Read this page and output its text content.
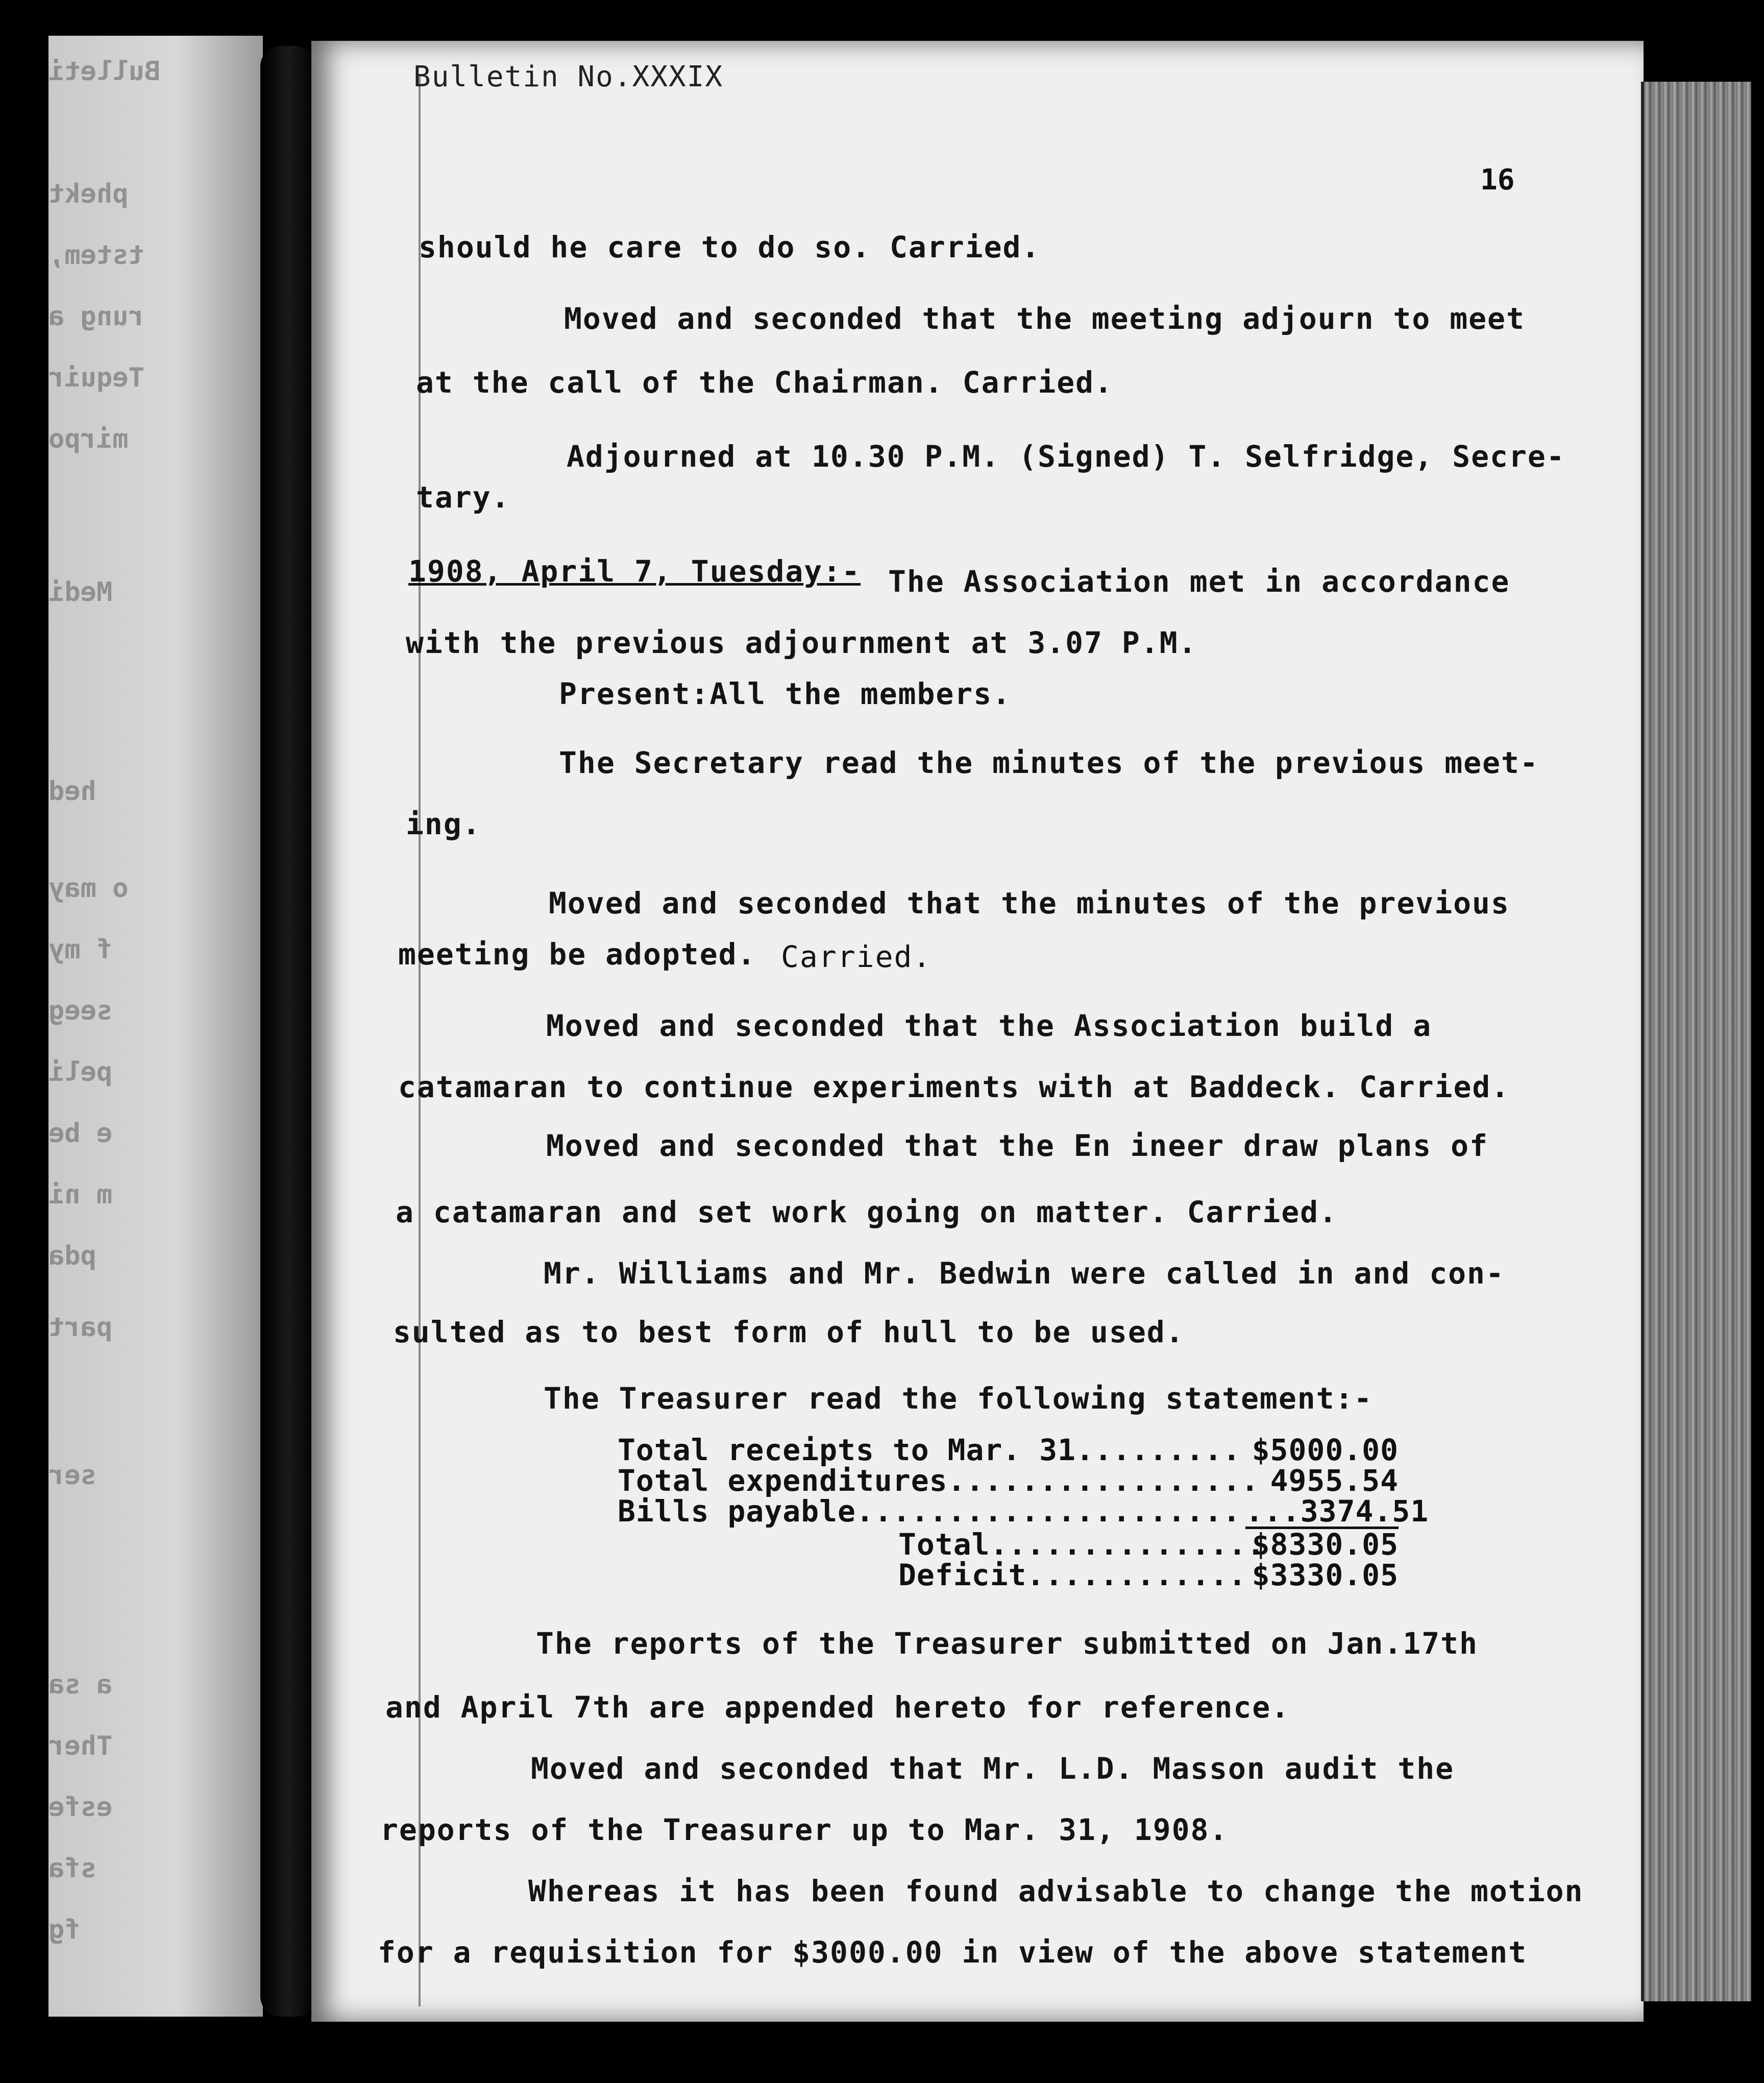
Bulleti
phekt
tstem,
rung a
Tequir
mirpo
Medi
hed
o may
f my
seeg
peli
e be
m ni
pda
part
ser
a sa
Ther
esfe
sfa
fg
Bulletin No.XXXIX
16
should he care to do so. Carried.
Moved and seconded that the meeting adjourn to meet
at the call of the Chairman. Carried.
Adjourned at 10.30 P.M. (Signed) T. Selfridge, Secre-
tary.
1908, April 7, Tuesday:- The Association met in accordance
with the previous adjournment at 3.07 P.M.
Present:All the members.
The Secretary read the minutes of the previous meet-
ing.
Moved and seconded that the minutes of the previous
meeting be adopted. Carried.
Moved and seconded that the Association build a
catamaran to continue experiments with at Baddeck. Carried.
Moved and seconded that the En ineer draw plans of
a catamaran and set work going on matter. Carried.
Mr. Williams and Mr. Bedwin were called in and con-
sulted as to best form of hull to be used.
The Treasurer read the following statement:-
Total receipts to Mar. 31......... $5000.00
Total expenditures................. 4955.54
Bills payable..................... ...3374.51
Total...............
$8330.05
Deficit............ $3330.05
The reports of the Treasurer submitted on Jan.17th
and April 7th are appended hereto for reference.
Moved and seconded that Mr. L.D. Masson audit the
reports of the Treasurer up to Mar. 31, 1908.
Whereas it has been found advisable to change the motion
for a requisition for $3000.00 in view of the above statement
